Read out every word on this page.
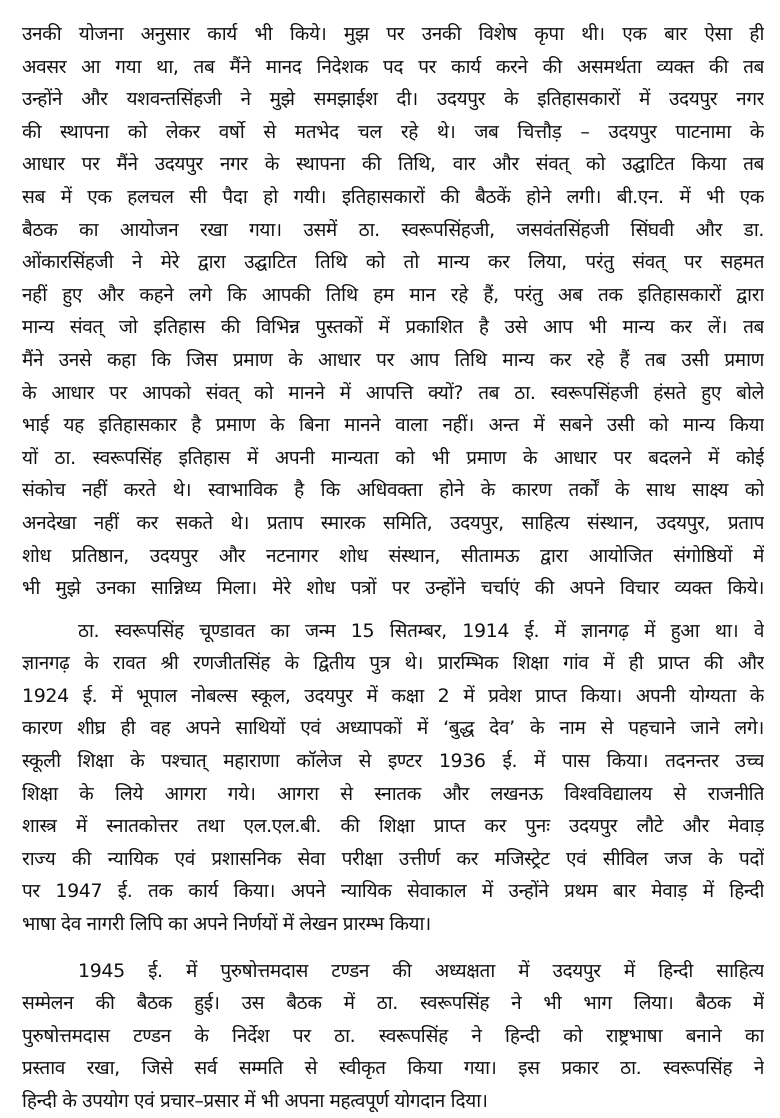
उनकी योजना अनुसार कार्य भी किये। मुझ पर उनकी विशेष कृपा थी। एक बार ऐसा ही
अवसर आ गया था, तब मैंने मानद निदेशक पद पर कार्य करने की असमर्थता व्यक्त की तब
उन्होंने और यशवन्तसिंहजी ने मुझे समझाईश दी। उदयपुर के इतिहासकारों में उदयपुर नगर
की स्थापना को लेकर वर्षो से मतभेद चल रहे थे। जब चित्तौड़ – उदयपुर पाटनामा के
आधार पर मैंने उदयपुर नगर के स्थापना की तिथि, वार और संवत् को उद्घाटित किया तब
सब में एक हलचल सी पैदा हो गयी। इतिहासकारों की बैठकें होने लगी। बी.एन. में भी एक
बैठक का आयोजन रखा गया। उसमें ठा. स्वरूपसिंहजी, जसवंतसिंहजी सिंघवी और डा.
ओंकारसिंहजी ने मेरे द्वारा उद्घाटित तिथि को तो मान्य कर लिया, परंतु संवत् पर सहमत
नहीं हुए और कहने लगे कि आपकी तिथि हम मान रहे हैं, परंतु अब तक इतिहासकारों द्वारा
मान्य संवत् जो इतिहास की विभिन्न पुस्तकों में प्रकाशित है उसे आप भी मान्य कर लें। तब
मैंने उनसे कहा कि जिस प्रमाण के आधार पर आप तिथि मान्य कर रहे हैं तब उसी प्रमाण
के आधार पर आपको संवत् को मानने में आपत्ति क्यों? तब ठा. स्वरूपसिंहजी हंसते हुए बोले
भाई यह इतिहासकार है प्रमाण के बिना मानने वाला नहीं। अन्त में सबने उसी को मान्य किया
यों ठा. स्वरूपसिंह इतिहास में अपनी मान्यता को भी प्रमाण के आधार पर बदलने में कोई
संकोच नहीं करते थे। स्वाभाविक है कि अधिवक्ता होने के कारण तर्कों के साथ साक्ष्य को
अनदेखा नहीं कर सकते थे। प्रताप स्मारक समिति, उदयपुर, साहित्य संस्थान, उदयपुर, प्रताप
शोध प्रतिष्ठान, उदयपुर और नटनागर शोध संस्थान, सीतामऊ द्वारा आयोजित संगोष्ठियों में
भी मुझे उनका सान्निध्य मिला। मेरे शोध पत्रों पर उन्होंने चर्चाएं की अपने विचार व्यक्त किये।
ठा. स्वरूपसिंह चूण्डावत का जन्म 15 सितम्बर, 1914 ई. में ज्ञानगढ़ में हुआ था। वे
ज्ञानगढ़ के रावत श्री रणजीतसिंह के द्वितीय पुत्र थे। प्रारम्भिक शिक्षा गांव में ही प्राप्त की और
1924 ई. में भूपाल नोबल्स स्कूल, उदयपुर में कक्षा 2 में प्रवेश प्राप्त किया। अपनी योग्यता के
कारण शीघ्र ही वह अपने साथियों एवं अध्यापकों में ‘बुद्ध देव’ के नाम से पहचाने जाने लगे।
स्कूली शिक्षा के पश्चात् महाराणा कॉलेज से इण्टर 1936 ई. में पास किया। तदनन्तर उच्च
शिक्षा के लिये आगरा गये। आगरा से स्नातक और लखनऊ विश्वविद्यालय से राजनीति
शास्त्र में स्नातकोत्तर तथा एल.एल.बी. की शिक्षा प्राप्त कर पुनः उदयपुर लौटे और मेवाड़
राज्य की न्यायिक एवं प्रशासनिक सेवा परीक्षा उत्तीर्ण कर मजिस्ट्रेट एवं सीविल जज के पदों
पर 1947 ई. तक कार्य किया। अपने न्यायिक सेवाकाल में उन्होंने प्रथम बार मेवाड़ में हिन्दी
भाषा देव नागरी लिपि का अपने निर्णयों में लेखन प्रारम्भ किया।
1945 ई. में पुरुषोत्तमदास टण्डन की अध्यक्षता में उदयपुर में हिन्दी साहित्य
सम्मेलन की बैठक हुई। उस बैठक में ठा. स्वरूपसिंह ने भी भाग लिया। बैठक में
पुरुषोत्तमदास टण्डन के निर्देश पर ठा. स्वरूपसिंह ने हिन्दी को राष्ट्रभाषा बनाने का
प्रस्ताव रखा, जिसे सर्व सम्मति से स्वीकृत किया गया। इस प्रकार ठा. स्वरूपसिंह ने
हिन्दी के उपयोग एवं प्रचार–प्रसार में भी अपना महत्वपूर्ण योगदान दिया।
